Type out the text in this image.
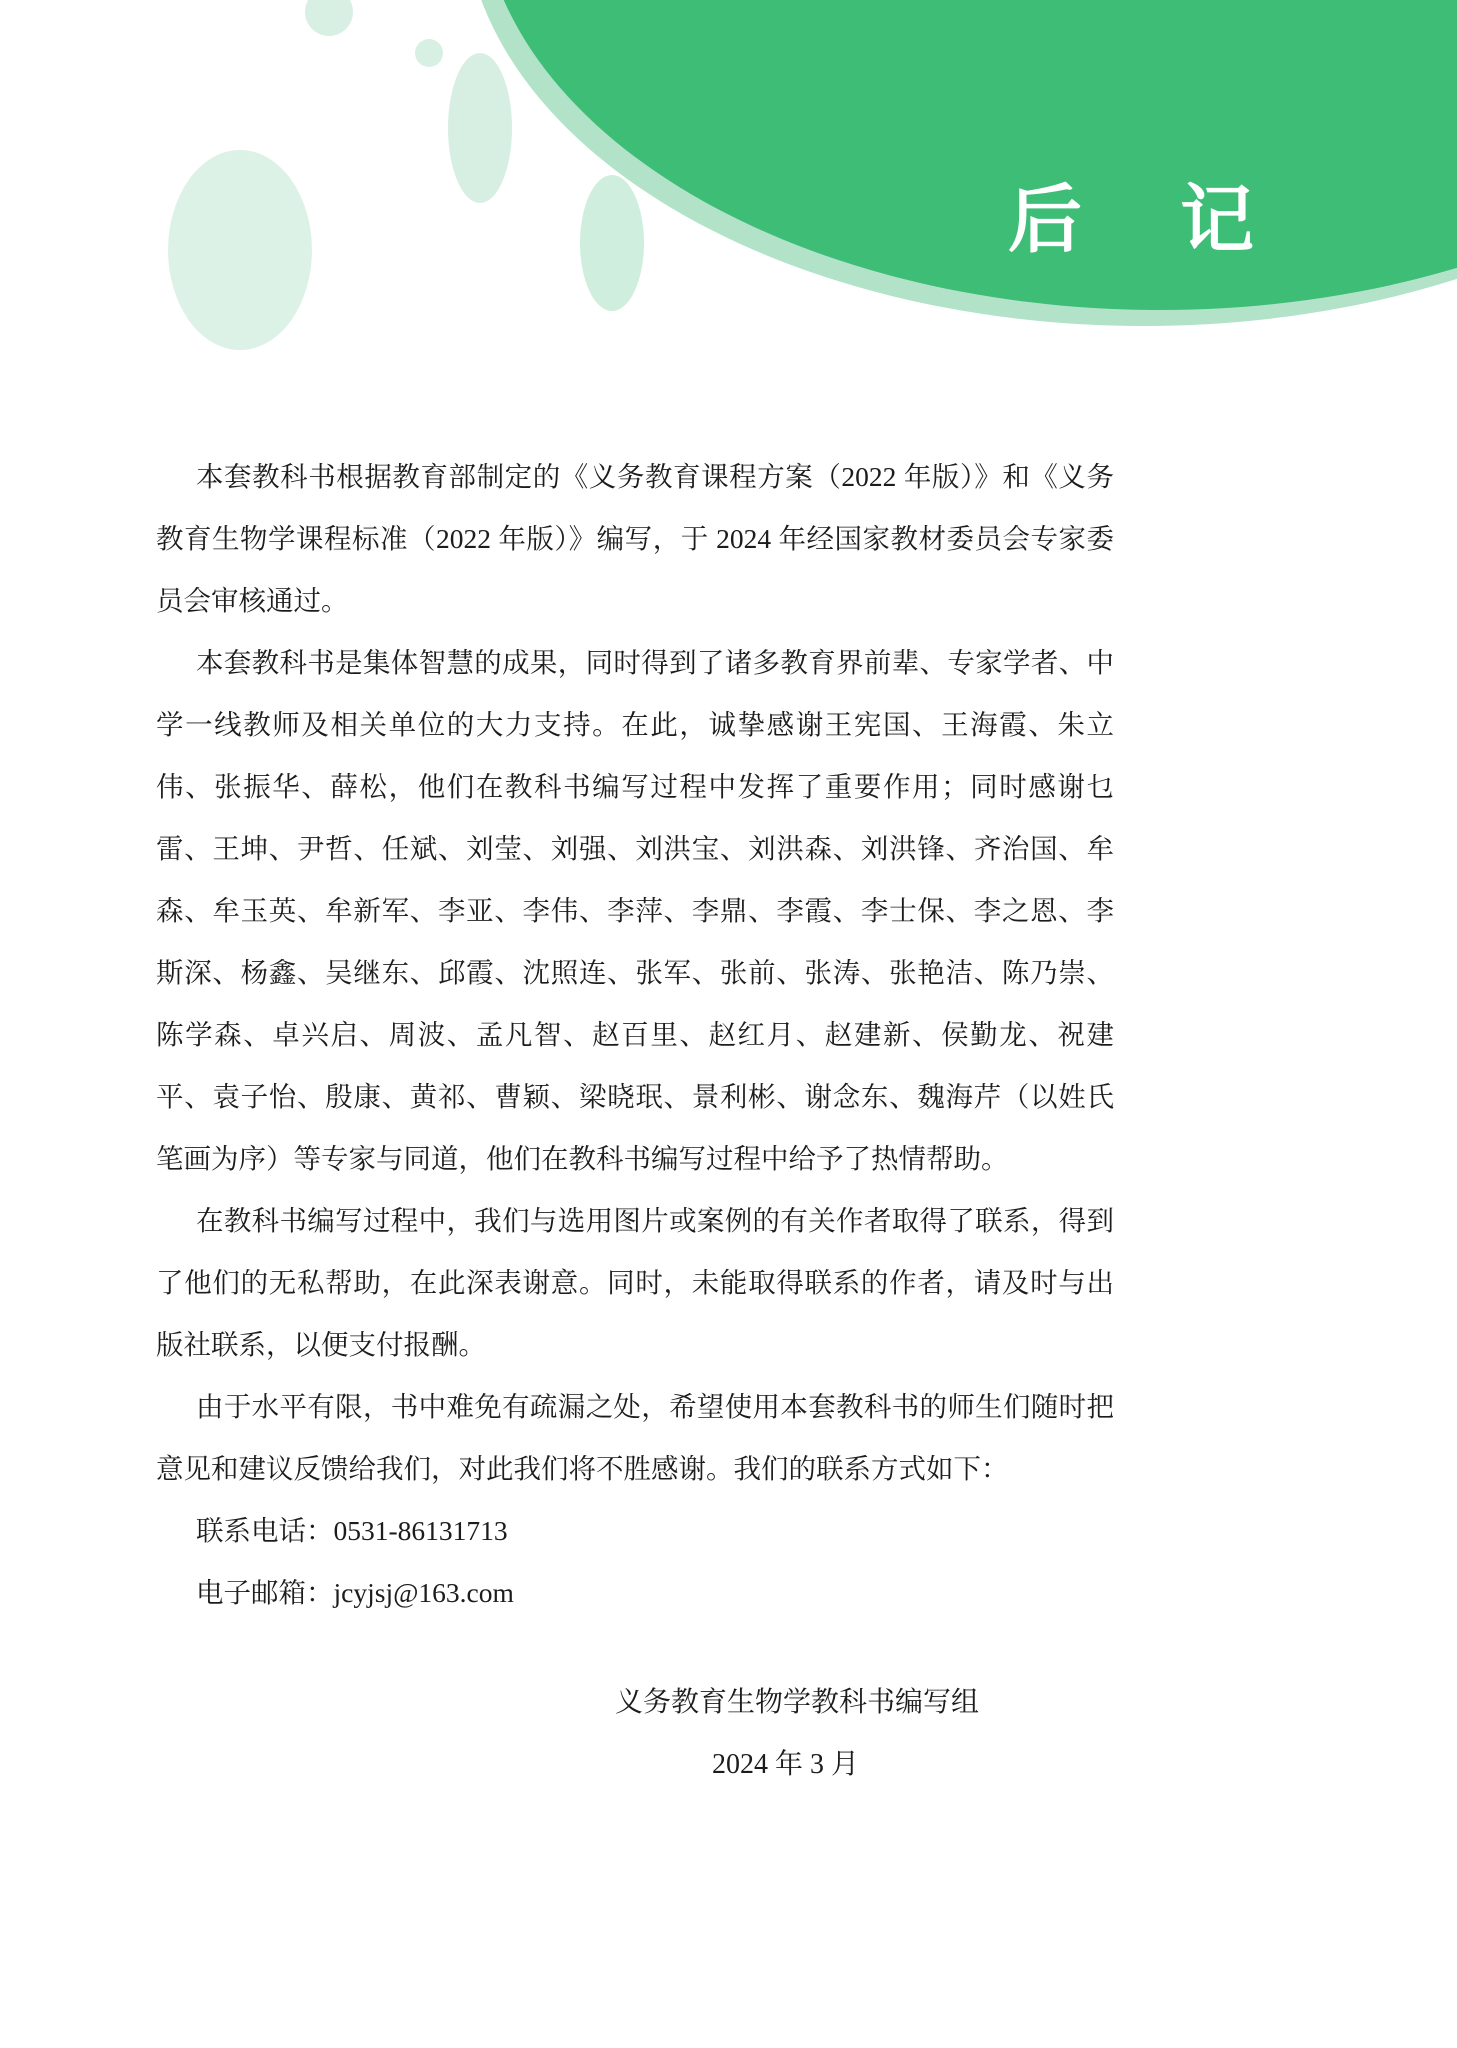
后 记

本套教科书根据教育部制定的《义务教育课程方案（2022 年版）》和《义务教育生物学课程标准（2022 年版）》编写，于 2024 年经国家教材委员会专家委员会审核通过。

本套教科书是集体智慧的成果，同时得到了诸多教育界前辈、专家学者、中学一线教师及相关单位的大力支持。在此，诚挚感谢王宪国、王海霞、朱立伟、张振华、薛松，他们在教科书编写过程中发挥了重要作用；同时感谢乜雷、王坤、尹哲、任斌、刘莹、刘强、刘洪宝、刘洪森、刘洪锋、齐治国、牟森、牟玉英、牟新军、李亚、李伟、李萍、李鼎、李霞、李士保、李之恩、李斯深、杨鑫、吴继东、邱霞、沈照连、张军、张前、张涛、张艳洁、陈乃崇、陈学森、卓兴启、周波、孟凡智、赵百里、赵红月、赵建新、侯勤龙、祝建平、袁子怡、殷康、黄祁、曹颖、梁晓珉、景利彬、谢念东、魏海芹（以姓氏笔画为序）等专家与同道，他们在教科书编写过程中给予了热情帮助。

在教科书编写过程中，我们与选用图片或案例的有关作者取得了联系，得到了他们的无私帮助，在此深表谢意。同时，未能取得联系的作者，请及时与出版社联系，以便支付报酬。

由于水平有限，书中难免有疏漏之处，希望使用本套教科书的师生们随时把意见和建议反馈给我们，对此我们将不胜感谢。我们的联系方式如下：

联系电话：0531-86131713

电子邮箱：jcyjsj@163.com

义务教育生物学教科书编写组
2024 年 3 月
